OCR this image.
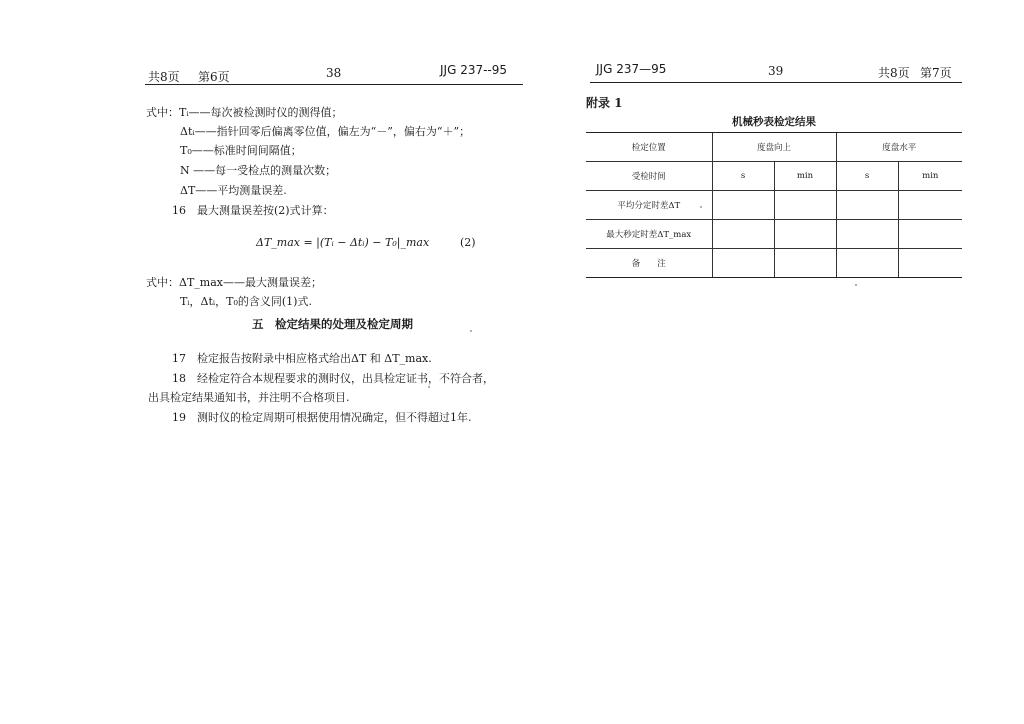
共8页 第6页	38	JJG 237--95
式中：Tᵢ——每次被检测时仪的测得值；
Δtᵢ——指针回零后偏离零位值，偏左为“－”，偏右为“＋”；
T₀——标准时间间隔值；
N ——每一受检点的测量次数；
ΔT——平均测量误差.
16　最大测量误差按(2)式计算：
ΔT_max = |(Tᵢ − Δtᵢ) − T₀|_max	(2)
式中：ΔT_max——最大测量误差；
Tᵢ，Δtᵢ，T₀的含义同(1)式.
五　检定结果的处理及检定周期
17　检定报告按附录中相应格式给出ΔT 和 ΔT_max.
18　经检定符合本规程要求的测时仪，出具检定证书，不符合者，
出具检定结果通知书，并注明不合格项目.
19　测时仪的检定周期可根据使用情况确定，但不得超过1年.
JJG 237—95	39	共8页 第7页
附录 1
机械秒表检定结果
检定位置	度盘向上		度盘水平	
受检时间	s	min	s	min
平均分定时差ΔT				
最大秒定时差ΔT_max				
备　　注				
